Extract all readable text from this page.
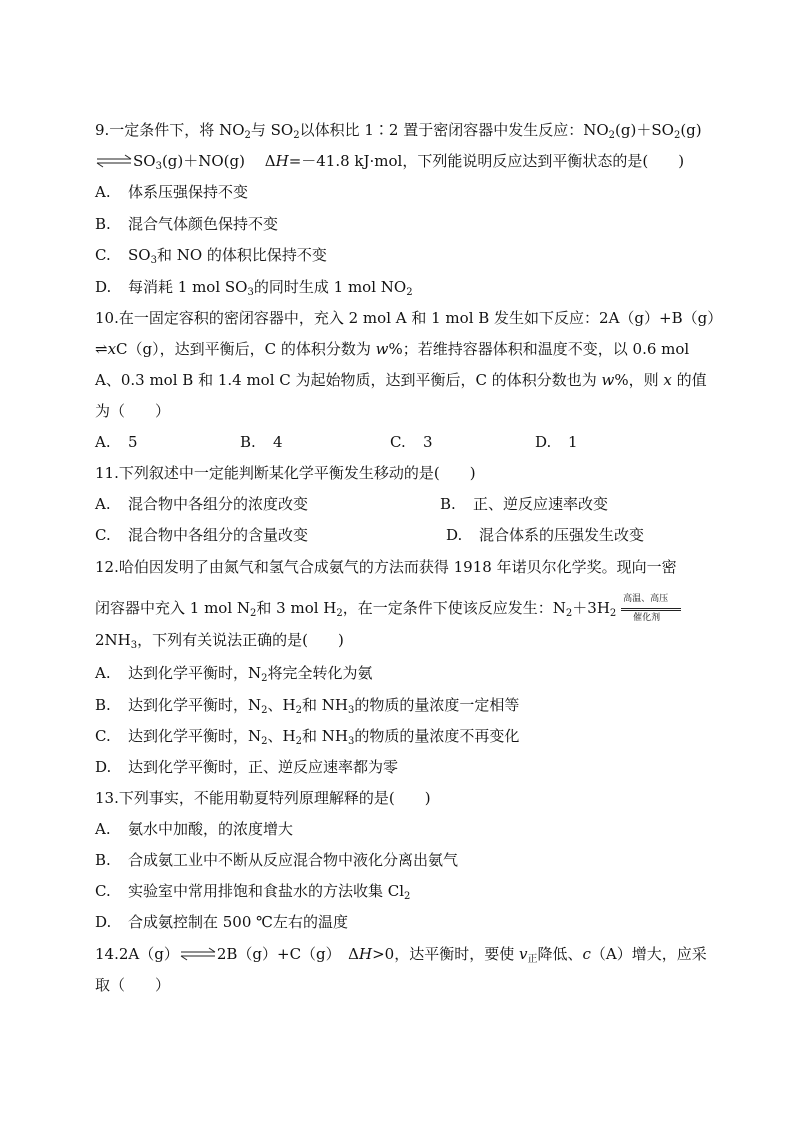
9.一定条件下，将 $NO_2$与 $SO_2$以体积比 1∶2 置于密闭容器中发生反应：$NO_2(g)+SO_2(g)$
$\rightleftharpoons SO_3(g)+NO(g)$　 ΔH=－41.8 kJ·mol，下列能说明反应达到平衡状态的是(　　)
A. 体系压强保持不变
B. 混合气体颜色保持不变
C. $SO_3$和 NO 的体积比保持不变
D. 每消耗 1 mol $SO_3$的同时生成 1 mol $NO_2$
10.在一固定容积的密闭容器中，充入 2 mol A 和 1 mol B 发生如下反应：2A（g）+B（g）
⇌xC（g），达到平衡后，C 的体积分数为 w%；若维持容器体积和温度不变，以 0.6 mol
A、0.3 mol B 和 1.4 mol C 为起始物质，达到平衡后，C 的体积分数也为 w%，则 x 的值
为（　　）
A. 5	B. 4	C. 3	D. 1
11.下列叙述中一定能判断某化学平衡发生移动的是(　　)
A. 混合物中各组分的浓度改变	B. 正、逆反应速率改变
C. 混合物中各组分的含量改变	D. 混合体系的压强发生改变
12.哈伯因发明了由氮气和氢气合成氨气的方法而获得 1918 年诺贝尔化学奖。现向一密
闭容器中充入 1 mol $N_2$和 3 mol $H_2$，在一定条件下使该反应发生：$N_2+3H_2$
高温、高压
催化剂
$2NH_3$，下列有关说法正确的是(　　)
A. 达到化学平衡时，$N_2$将完全转化为氨
B. 达到化学平衡时，$N_2$、$H_2$和 $NH_3$的物质的量浓度一定相等
C. 达到化学平衡时，$N_2$、$H_2$和 $NH_3$的物质的量浓度不再变化
D. 达到化学平衡时，正、逆反应速率都为零
13.下列事实，不能用勒夏特列原理解释的是(　　)
A. 氨水中加酸，的浓度增大
B. 合成氨工业中不断从反应混合物中液化分离出氨气
C. 实验室中常用排饱和食盐水的方法收集 $Cl_2$
D. 合成氨控制在 500 ℃左右的温度
14.2A（g）⇌2B（g）+C（g）　ΔH>0，达平衡时，要使 $v_正$降低、c（A）增大，应采
取（　　）
